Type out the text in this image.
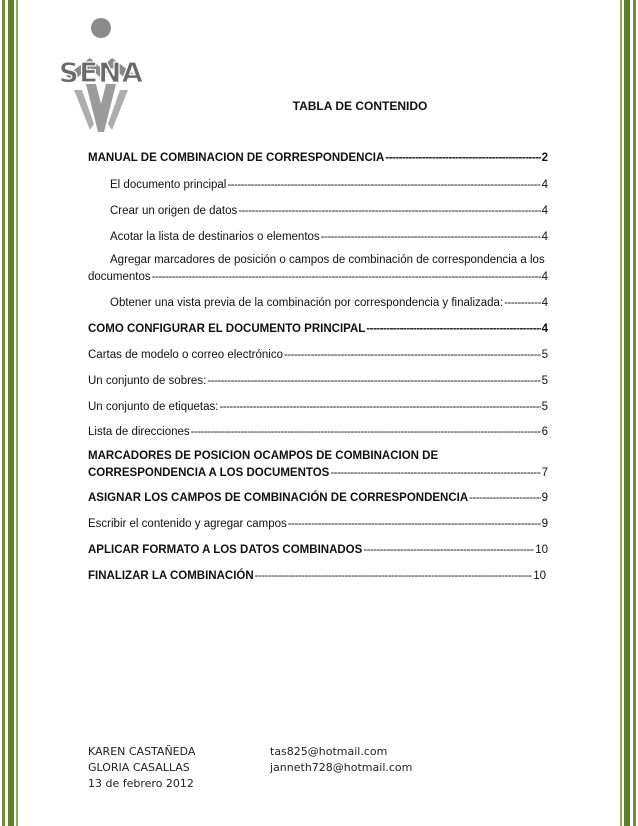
SENA
TABLA DE CONTENIDO
MANUAL DE COMBINACION DE CORRESPONDENCIA -----	2
El documento principal -----	4
Crear un origen de datos -----	4
Acotar la lista de destinarios o elementos -----	4
Agregar marcadores de posición o campos de combinación de correspondencia a los
documentos -----	4
Obtener una vista previa de la combinación por correspondencia y finalizada: -----	4
COMO CONFIGURAR EL DOCUMENTO PRINCIPAL -----	4
Cartas de modelo o correo electrónico -----	5
Un conjunto de sobres: -----	5
Un conjunto de etiquetas: -----	5
Lista de direcciones -----	6
MARCADORES DE POSICION OCAMPOS DE COMBINACION DE
CORRESPONDENCIA A LOS DOCUMENTOS -----	7
ASIGNAR LOS CAMPOS DE COMBINACIÓN DE CORRESPONDENCIA -----	9
Escribir el contenido y agregar campos -----	9
APLICAR FORMATO A LOS DATOS COMBINADOS -----	10
FINALIZAR LA COMBINACIÓN -----	10
KAREN CASTAÑEDA
GLORIA CASALLAS
13 de febrero 2012
tas825@hotmail.com
janneth728@hotmail.com
